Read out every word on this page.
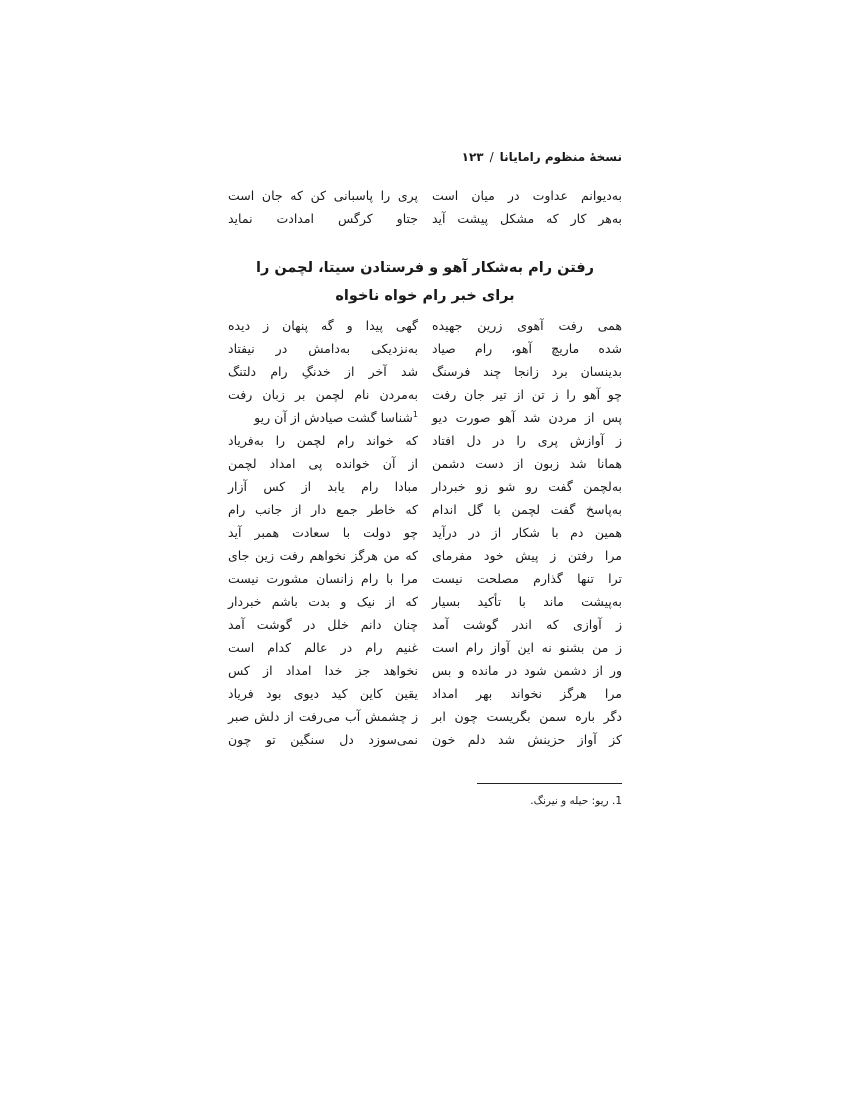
نسخهٔ منظوم رامایانا/۱۲۳
به‌دیوانم عداوت در میان است
پری را پاسبانی کن که جان است
به‌هر کار که مشکل پیشت آید
جتاو کرگس امدادت نماید
رفتن رام به‌شکار آهو و فرستادن سیتا، لچمن را
برای خبر رام خواه ناخواه
همی رفت آهوی زرین جهیده
گهی پیدا و گه پنهان ز دیده
شده ماریچ آهو، رام صیاد
به‌نزدیکی به‌دامش در نیفتاد
بدینسان برد زانجا چند فرسنگ
شد آخر از خدنگِ رام دلتنگ
چو آهو را ز تن از تیر جان رفت
به‌مردن نام لچمن بر زبان رفت
پس از مردن شد آهو صورت دیو
$^1$شناسا گشت صیادش از آن ریو
ز آوازش پری را در دل افتاد
که خواند رام لچمن را به‌فریاد
همانا شد زبون از دست دشمن
از آن خوانده پی امداد لچمن
به‌لچمن گفت رو شو زو خبردار
مبادا رام یابد از کس آزار
به‌پاسخ گفت لچمن با گل اندام
که خاطر جمع دار از جانب رام
همین دم با شکار از در درآید
چو دولت با سعادت همبر آید
مرا رفتن ز پیش خود مفرمای
که من هرگز نخواهم رفت زین جای
ترا تنها گذارم مصلحت نیست
مرا با رام زانسان مشورت نیست
به‌پیشت ماند با تأکید بسیار
که از نیک و بدت باشم خبردار
ز آوازی که اندر گوشت آمد
چنان دانم خلل در گوشت آمد
ز من بشنو نه این آواز رام است
غنیم رام در عالم کدام است
ور از دشمن شود در مانده و بس
نخواهد جز خدا امداد از کس
مرا هرگز نخواند بهر امداد
یقین کاین کید دیوی بود فریاد
دگر باره سمن بگریست چون ابر
ز چشمش آب می‌رفت از دلش صبر
کز آواز حزینش شد دلم خون
نمی‌سوزد دل سنگین تو چون
1. ریو: حیله و نیرنگ.
